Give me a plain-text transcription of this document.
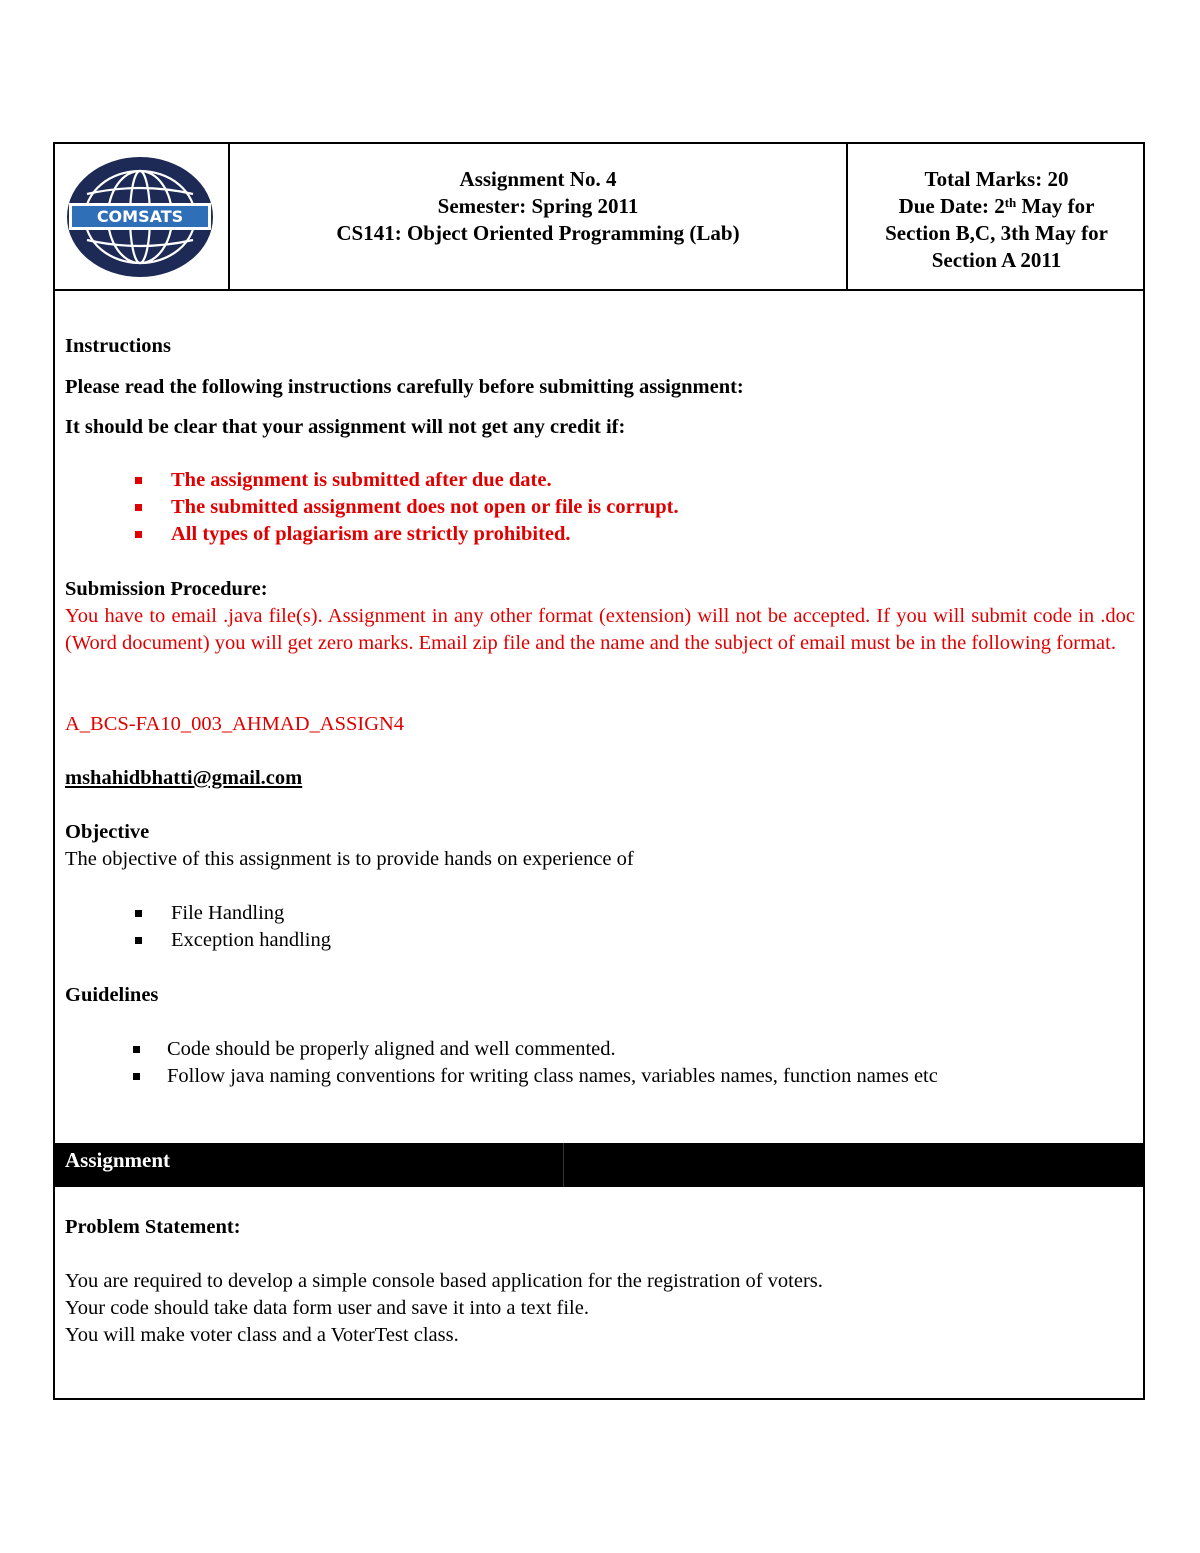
COMSATS
Assignment No. 4
Semester: Spring 2011
CS141: Object Oriented Programming (Lab)
Total Marks: 20
Due Date: 2th May for
Section B,C, 3th May for
Section A 2011
Instructions
Please read the following instructions carefully before submitting assignment:
It should be clear that your assignment will not get any credit if:
The assignment is submitted after due date.
The submitted assignment does not open or file is corrupt.
All types of plagiarism are strictly prohibited.
Submission Procedure:
You have to email .java file(s). Assignment in any other format (extension) will not be accepted. If you will submit code in .doc (Word document) you will get zero marks. Email zip file and the name and the subject of email must be in the following format.
A_BCS-FA10_003_AHMAD_ASSIGN4
mshahidbhatti@gmail.com
Objective
The objective of this assignment is to provide hands on experience of
File Handling
Exception handling
Guidelines
Code should be properly aligned and well commented.
Follow java naming conventions for writing class names, variables names, function names etc
Assignment
Problem Statement:
You are required to develop a simple console based application for the registration of voters.
Your code should take data form user and save it into a text file.
You will make voter class and a VoterTest class.
